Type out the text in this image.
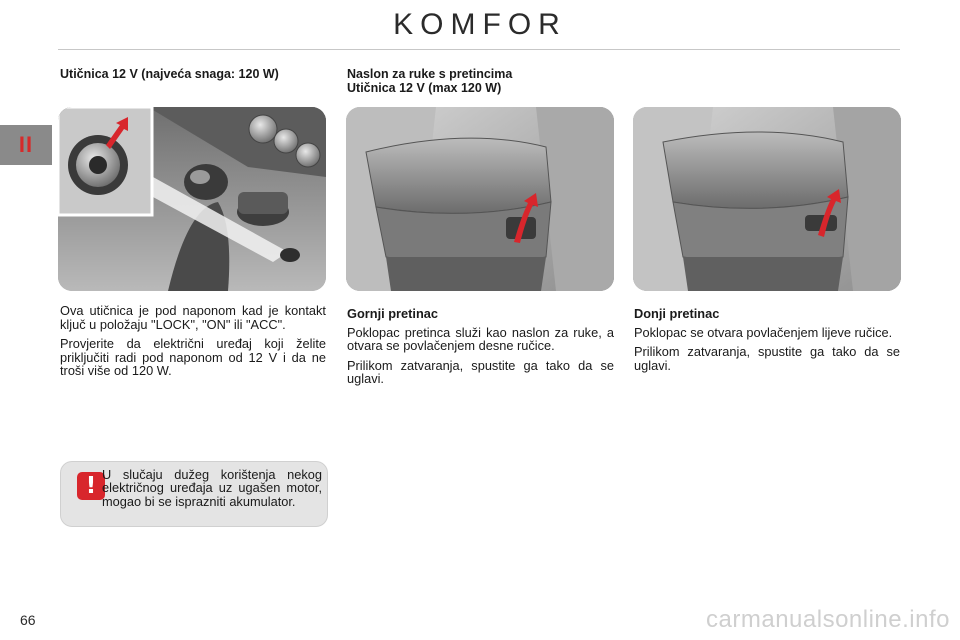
KOMFOR
II
Utičnica 12 V (najveća snaga: 120 W)

Ova utičnica je pod naponom kad je kontakt ključ u položaju "LOCK", "ON" ili "ACC".

Provjerite da električni uređaj koji želite priključiti radi pod naponom od 12 V i da ne troši više od 120 W.

! U slučaju dužeg korištenja nekog električnog uređaja uz ugašen motor, mogao bi se isprazniti akumulator.
Naslon za ruke s pretincima
Utičnica 12 V (max 120 W)
Gornji pretinac

Poklopac pretinca služi kao naslon za ruke, a otvara se povlačenjem desne ručice.

Prilikom zatvaranja, spustite ga tako da se uglavi.

Donji pretinac

Poklopac se otvara povlačenjem lijeve ručice.

Prilikom zatvaranja, spustite ga tako da se uglavi.

66	carmanualsonline.info
